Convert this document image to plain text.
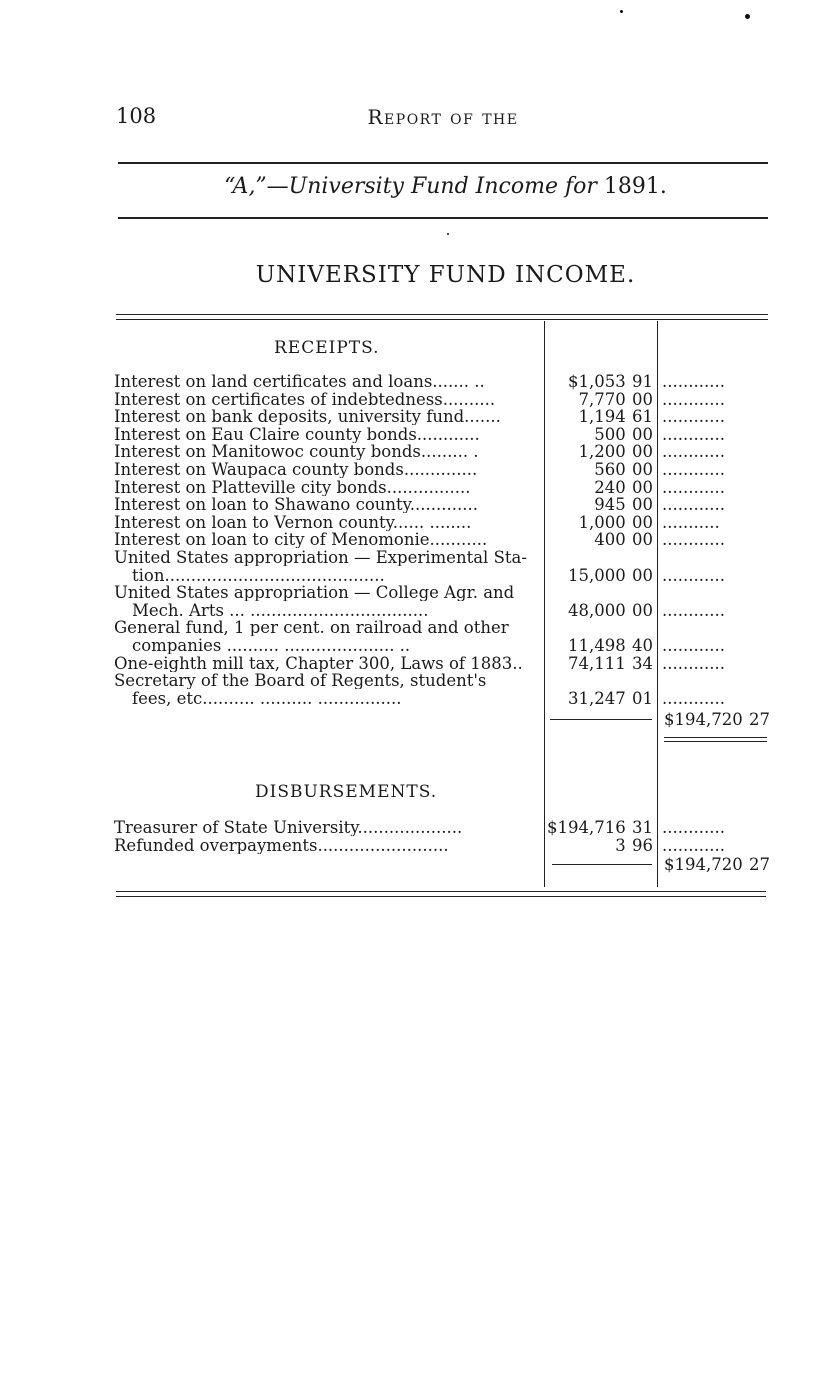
108	Report of the
“A,”—University Fund Income for 1891.
UNIVERSITY FUND INCOME.
RECEIPTS.
Interest on land certificates and loans....... ..	$1,053 91 ............
Interest on certificates of indebtedness..........	7,770 00 ............
Interest on bank deposits, university fund.......	1,194 61 ............
Interest on Eau Claire county bonds............	500 00 ............
Interest on Manitowoc county bonds......... .	1,200 00 ............
Interest on Waupaca county bonds..............	560 00 ............
Interest on Platteville city bonds................	240 00 ............
Interest on loan to Shawano county.............	945 00 ............
Interest on loan to Vernon county...... ........	1,000 00 ...........
Interest on loan to city of Menomonie...........	400 00 ............
United States appropriation — Experimental Sta-
tion..........................................	15,000 00 ............
United States appropriation — College Agr. and
Mech. Arts ... ..................................	48,000 00 ............
General fund, 1 per cent. on railroad and other
companies .......... ..................... ..	11,498 40 ............
One-eighth mill tax, Chapter 300, Laws of 1883..	74,111 34 ............
Secretary of the Board of Regents, student's
fees, etc.......... .......... ................	31,247 01 ............
$194,720 27
DISBURSEMENTS.
Treasurer of State University....................	$194,716 31 ............
Refunded overpayments.........................	3 96 ............
$194,720 27
